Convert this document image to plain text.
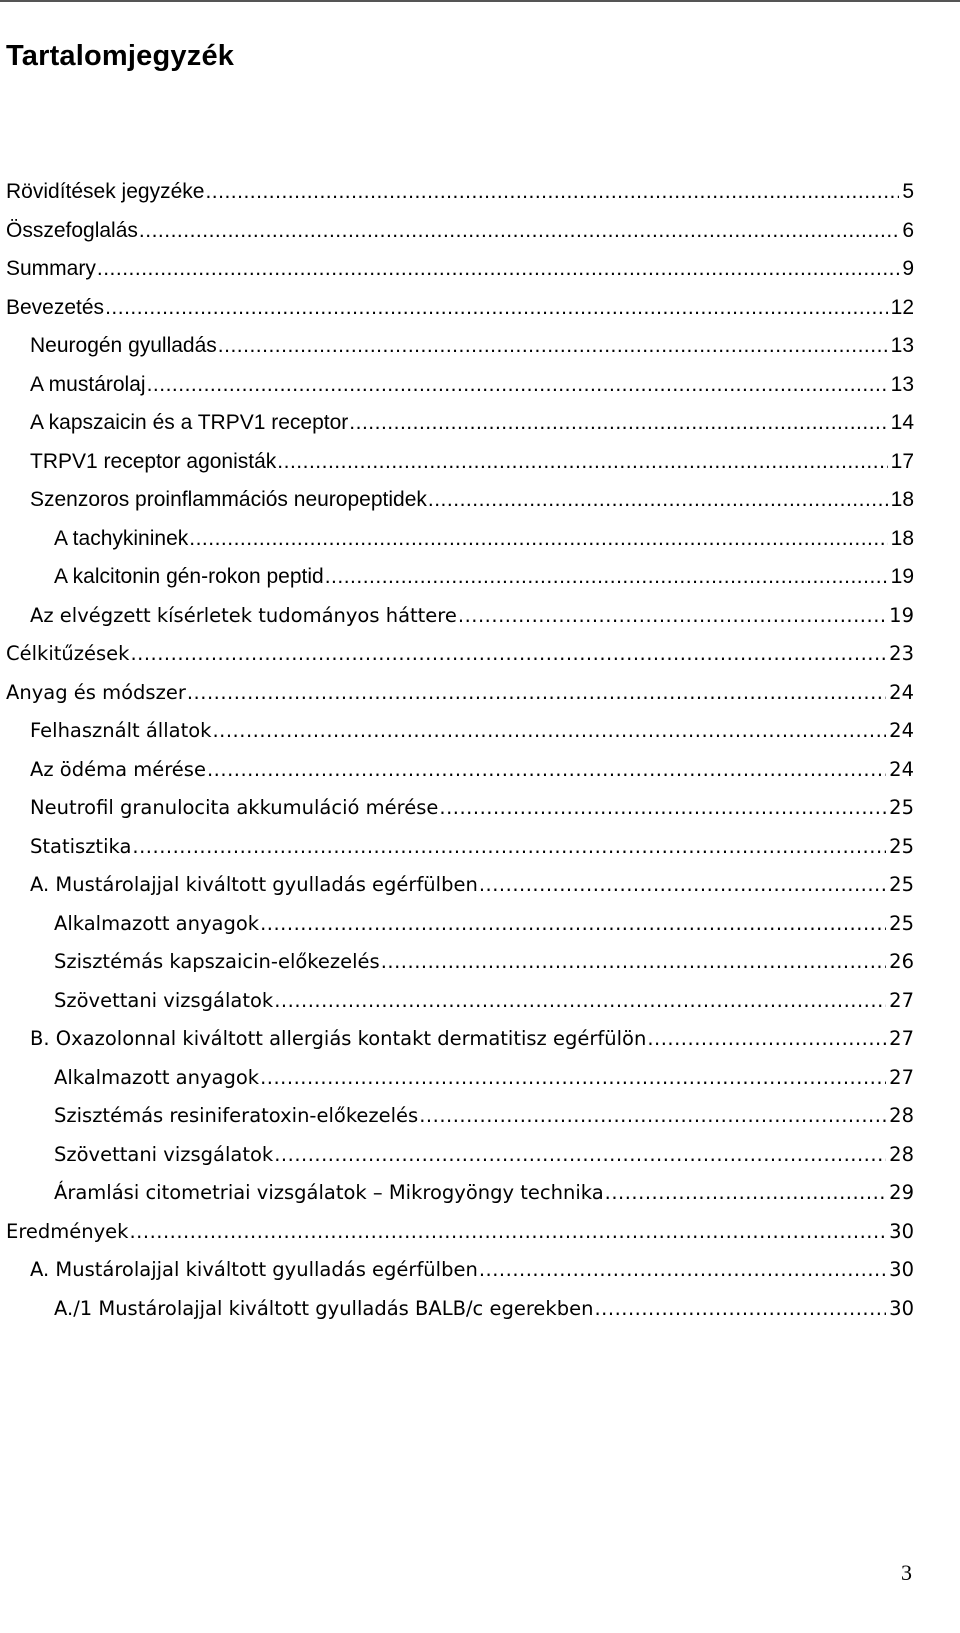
Tartalomjegyzék
Rövidítések jegyzéke .....	5
Összefoglalás .....	6
Summary .....	9
Bevezetés .....	12
Neurogén gyulladás .....	13
A mustárolaj .....	13
A kapszaicin és a TRPV1 receptor .....	14
TRPV1 receptor agonisták .....	17
Szenzoros proinflammációs neuropeptidek .....	18
A tachykininek .....	18
A kalcitonin gén-rokon peptid .....	19
Az elvégzett kísérletek tudományos háttere .....	19
Célkitűzések .....	23
Anyag és módszer .....	24
Felhasznált állatok .....	24
Az ödéma mérése .....	24
Neutrofil granulocita akkumuláció mérése .....	25
Statisztika .....	25
A. Mustárolajjal kiváltott gyulladás egérfülben .....	25
Alkalmazott anyagok .....	25
Szisztémás kapszaicin-előkezelés .....	26
Szövettani vizsgálatok .....	27
B. Oxazolonnal kiváltott allergiás kontakt dermatitisz egérfülön .....	27
Alkalmazott anyagok .....	27
Szisztémás resiniferatoxin-előkezelés .....	28
Szövettani vizsgálatok .....	28
Áramlási citometriai vizsgálatok – Mikrogyöngy technika .....	29
Eredmények .....	30
A. Mustárolajjal kiváltott gyulladás egérfülben .....	30
A./1 Mustárolajjal kiváltott gyulladás BALB/c egerekben .....	30
3
